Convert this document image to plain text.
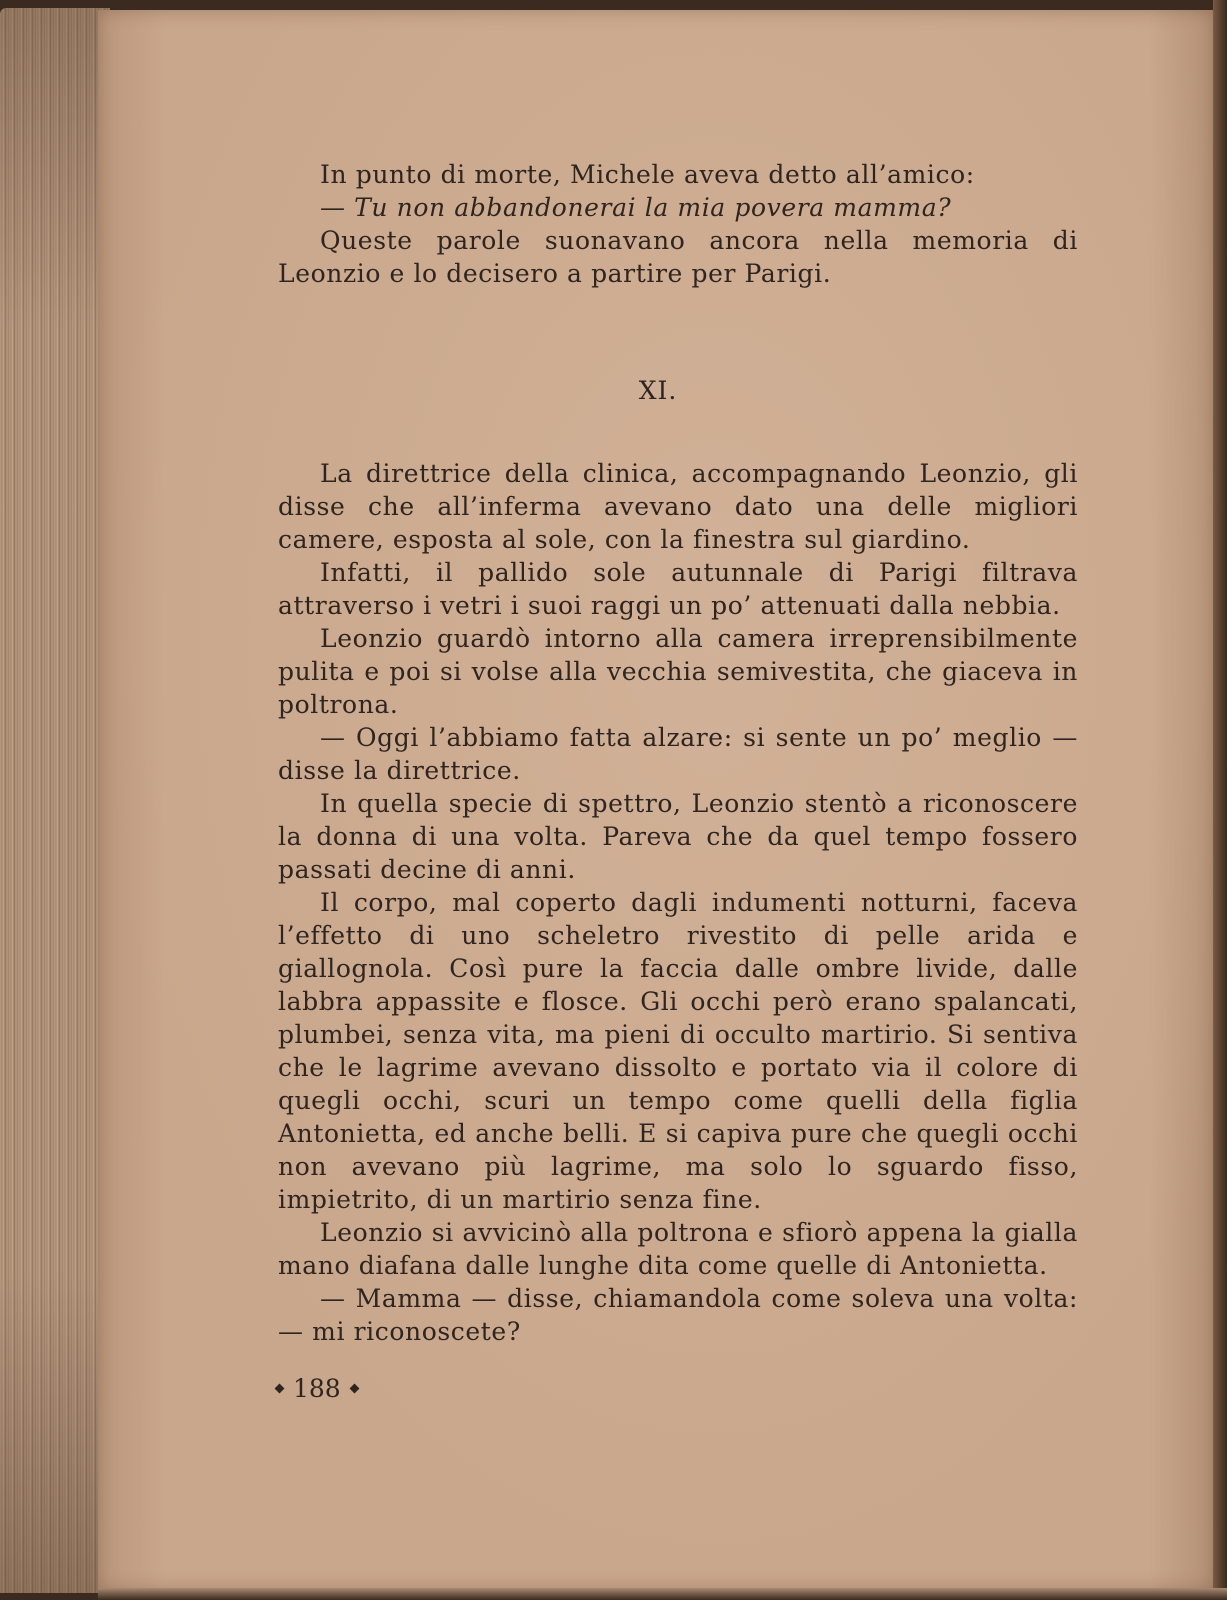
In punto di morte, Michele aveva detto all’amico:

— Tu non abbandonerai la mia povera mamma?

Queste parole suonavano ancora nella memoria di Leonzio e lo decisero a partire per Parigi.

XI.

La direttrice della clinica, accompagnando Leonzio, gli disse che all’inferma avevano dato una delle migliori camere, esposta al sole, con la finestra sul giardino.

Infatti, il pallido sole autunnale di Parigi filtrava attraverso i vetri i suoi raggi un po’ attenuati dalla nebbia.

Leonzio guardò intorno alla camera irreprensibilmente pulita e poi si volse alla vecchia semivestita, che giaceva in poltrona.

— Oggi l’abbiamo fatta alzare: si sente un po’ meglio — disse la direttrice.

In quella specie di spettro, Leonzio stentò a riconoscere la donna di una volta. Pareva che da quel tempo fossero passati decine di anni.

Il corpo, mal coperto dagli indumenti notturni, faceva l’effetto di uno scheletro rivestito di pelle arida e giallognola. Così pure la faccia dalle ombre livide, dalle labbra appassite e flosce. Gli occhi però erano spalancati, plumbei, senza vita, ma pieni di occulto martirio. Si sentiva che le lagrime avevano dissolto e portato via il colore di quegli occhi, scuri un tempo come quelli della figlia Antonietta, ed anche belli. E si capiva pure che quegli occhi non avevano più lagrime, ma solo lo sguardo fisso, impietrito, di un martirio senza fine.

Leonzio si avvicinò alla poltrona e sfiorò appena la gialla mano diafana dalle lunghe dita come quelle di Antonietta.

— Mamma — disse, chiamandola come soleva una volta: — mi riconoscete?

188
